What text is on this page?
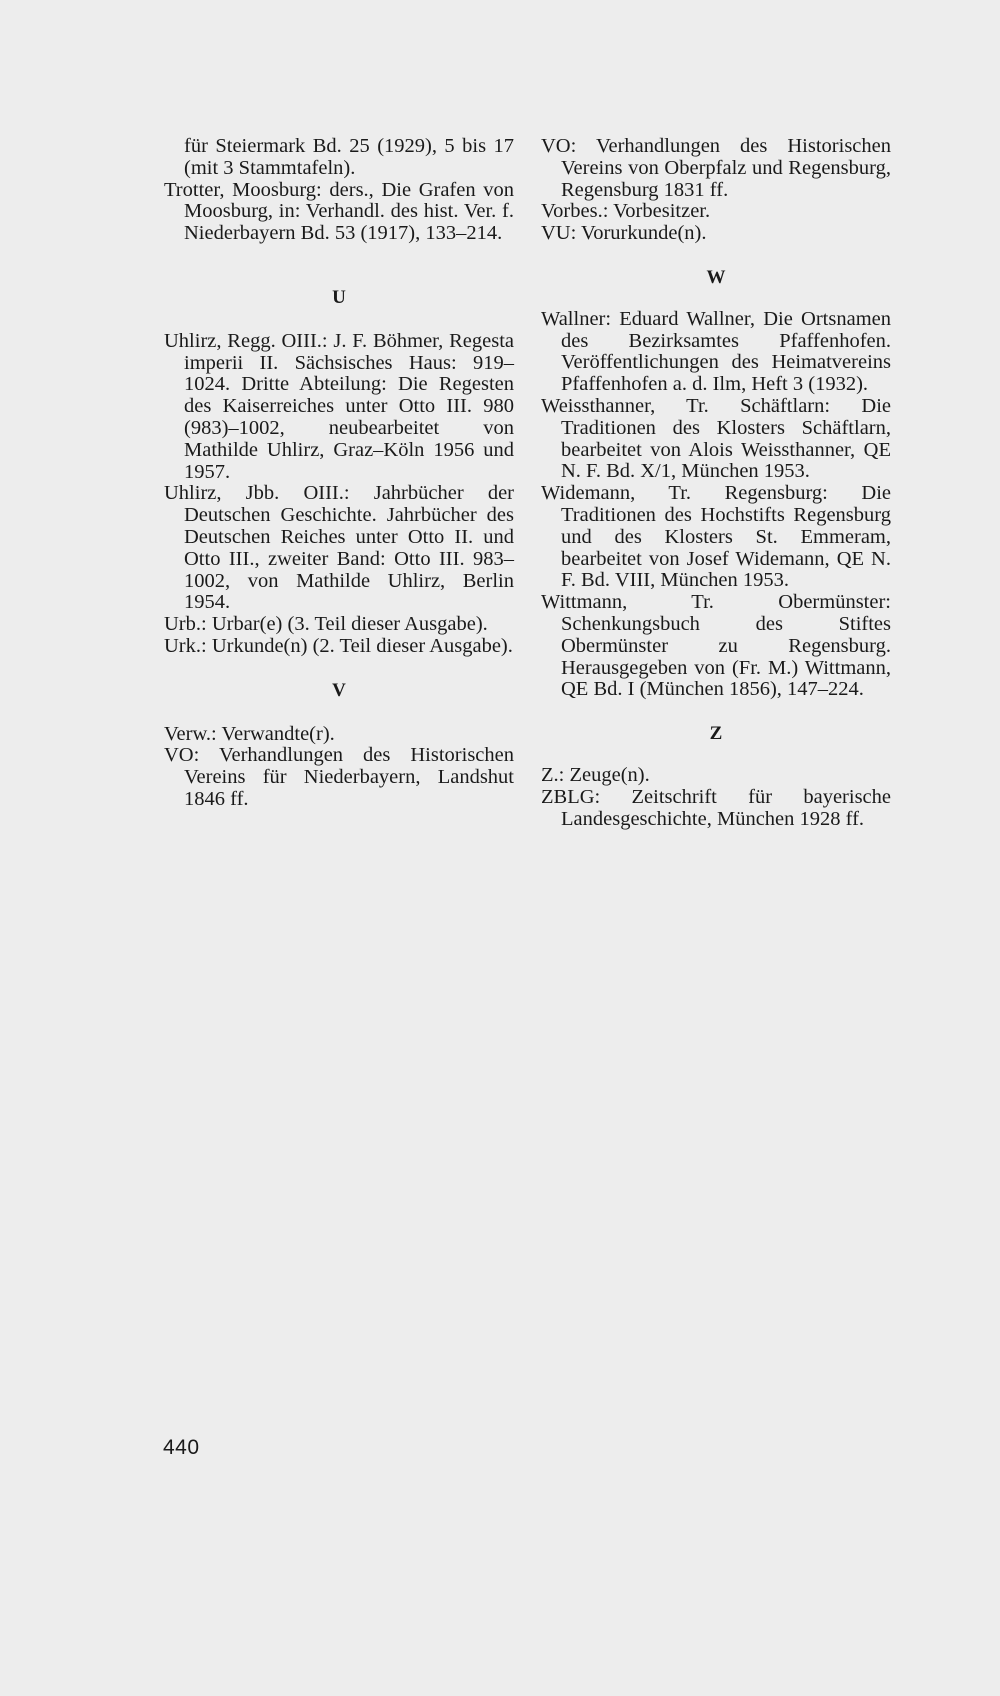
für Steiermark Bd. 25 (1929), 5 bis 17 (mit 3 Stammtafeln).

Trotter, Moosburg: ders., Die Grafen von Moosburg, in: Verhandl. des hist. Ver. f. Niederbayern Bd. 53 (1917), 133–214.

U

Uhlirz, Regg. OIII.: J. F. Böhmer, Regesta imperii II. Sächsisches Haus: 919–1024. Dritte Abteilung: Die Regesten des Kaiserreiches unter Otto III. 980 (983)–1002, neubearbeitet von Mathilde Uhlirz, Graz–Köln 1956 und 1957.

Uhlirz, Jbb. OIII.: Jahrbücher der Deutschen Geschichte. Jahrbücher des Deutschen Reiches unter Otto II. und Otto III., zweiter Band: Otto III. 983–1002, von Mathilde Uhlirz, Berlin 1954.

Urb.: Urbar(e) (3. Teil dieser Ausgabe).

Urk.: Urkunde(n) (2. Teil dieser Ausgabe).

V

Verw.: Verwandte(r).

VO: Verhandlungen des Historischen Vereins für Niederbayern, Landshut 1846 ff.

VO: Verhandlungen des Historischen Vereins von Oberpfalz und Regensburg, Regensburg 1831 ff.

Vorbes.: Vorbesitzer.

VU: Vorurkunde(n).

W

Wallner: Eduard Wallner, Die Ortsnamen des Bezirksamtes Pfaffenhofen. Veröffentlichungen des Heimatvereins Pfaffenhofen a. d. Ilm, Heft 3 (1932).

Weissthanner, Tr. Schäftlarn: Die Traditionen des Klosters Schäftlarn, bearbeitet von Alois Weissthanner, QE N. F. Bd. X/1, München 1953.

Widemann, Tr. Regensburg: Die Traditionen des Hochstifts Regensburg und des Klosters St. Emmeram, bearbeitet von Josef Widemann, QE N. F. Bd. VIII, München 1953.

Wittmann, Tr. Obermünster: Schenkungsbuch des Stiftes Obermünster zu Regensburg. Herausgegeben von (Fr. M.) Wittmann, QE Bd. I (München 1856), 147–224.

Z

Z.: Zeuge(n).

ZBLG: Zeitschrift für bayerische Landesgeschichte, München 1928 ff.

440
